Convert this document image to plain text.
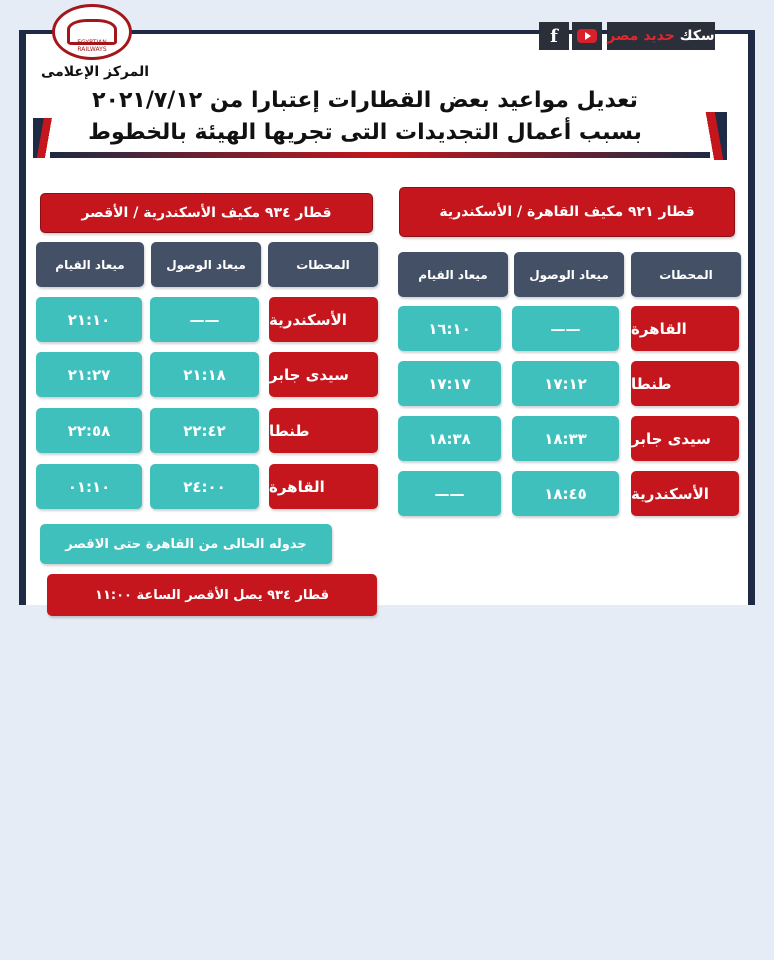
EGYPTIAN RAILWAYS
المركز الإعلامى
f	سكك

حديد مصر
تعديل مواعيد بعض القطارات إعتبارا من ٢٠٢١/٧/١٢
بسبب أعمال التجديدات التى تجريها الهيئة بالخطوط
قطار ٩٢١ مكيف القاهرة / الأسكندرية
المحطات
ميعاد الوصول
ميعاد القيام
القاهرة
——
١٦:١٠
طنطا
١٧:١٢
١٧:١٧
سيدى جابر
١٨:٣٣
١٨:٣٨
الأسكندرية
١٨:٤٥
——
قطار ٩٣٤ مكيف الأسكندرية / الأقصر
المحطات
ميعاد الوصول
ميعاد القيام
الأسكندرية
——
٢١:١٠
سيدى جابر
٢١:١٨
٢١:٢٧
طنطا
٢٢:٤٢
٢٢:٥٨
القاهرة
٢٤:٠٠
٠١:١٠
جدوله الحالى من القاهرة حتى الاقصر
قطار ٩٣٤ يصل الأقصر الساعة ١١:٠٠
